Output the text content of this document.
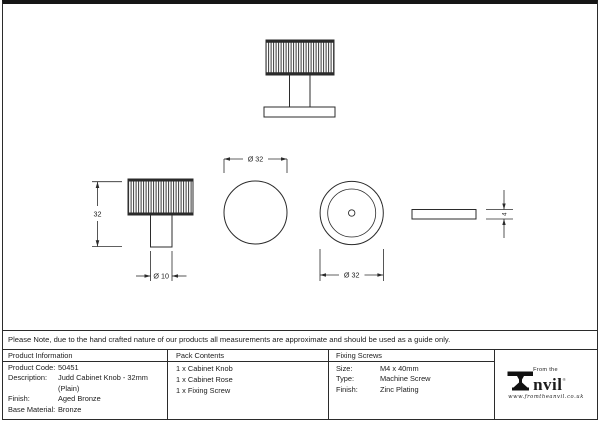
32
Ø 10
Ø 32
Ø 32
4
Please Note, due to the hand crafted nature of our products all measurements are approximate and should be used as a guide only.
Product Information	Pack Contents	Fixing Screws
Product Code: 50451
Description:	Judd Cabinet Knob - 32mm
(Plain)
Finish:	Aged Bronze
Base Material: Bronze
1 x Cabinet Knob
1 x Cabinet Rose
1 x Fixing Screw
Size:	M4 x 40mm
Type:	Machine Screw
Finish:	Zinc Plating
From the
nvil®
www.fromtheanvil.co.uk
